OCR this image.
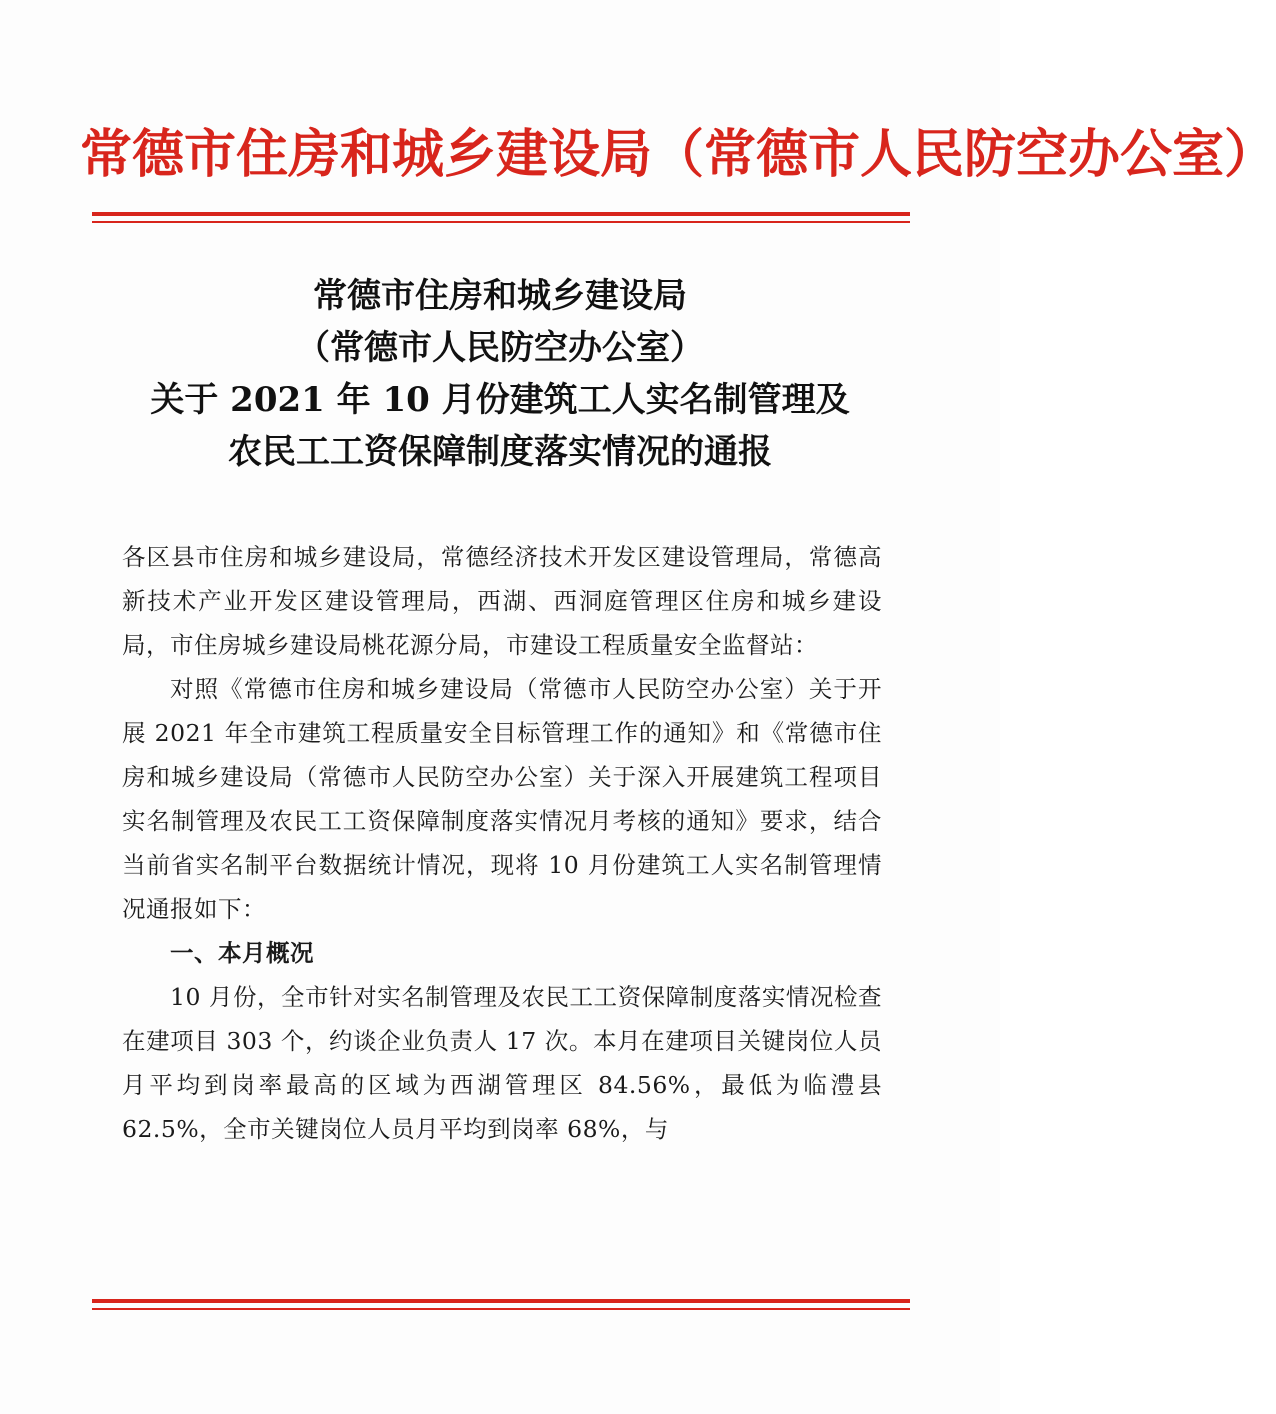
常德市住房和城乡建设局（常德市人民防空办公室）
常德市住房和城乡建设局
（常德市人民防空办公室）
关于 2021 年 10 月份建筑工人实名制管理及
农民工工资保障制度落实情况的通报

各区县市住房和城乡建设局，常德经济技术开发区建设管理局，常德高新技术产业开发区建设管理局，西湖、西洞庭管理区住房和城乡建设局，市住房城乡建设局桃花源分局，市建设工程质量安全监督站：

对照《常德市住房和城乡建设局（常德市人民防空办公室）关于开展 2021 年全市建筑工程质量安全目标管理工作的通知》和《常德市住房和城乡建设局（常德市人民防空办公室）关于深入开展建筑工程项目实名制管理及农民工工资保障制度落实情况月考核的通知》要求，结合当前省实名制平台数据统计情况，现将 10 月份建筑工人实名制管理情况通报如下：

一、本月概况

10 月份，全市针对实名制管理及农民工工资保障制度落实情况检查在建项目 303 个，约谈企业负责人 17 次。本月在建项目关键岗位人员月平均到岗率最高的区域为西湖管理区 84.56%，最低为临澧县 62.5%，全市关键岗位人员月平均到岗率 68%，与
